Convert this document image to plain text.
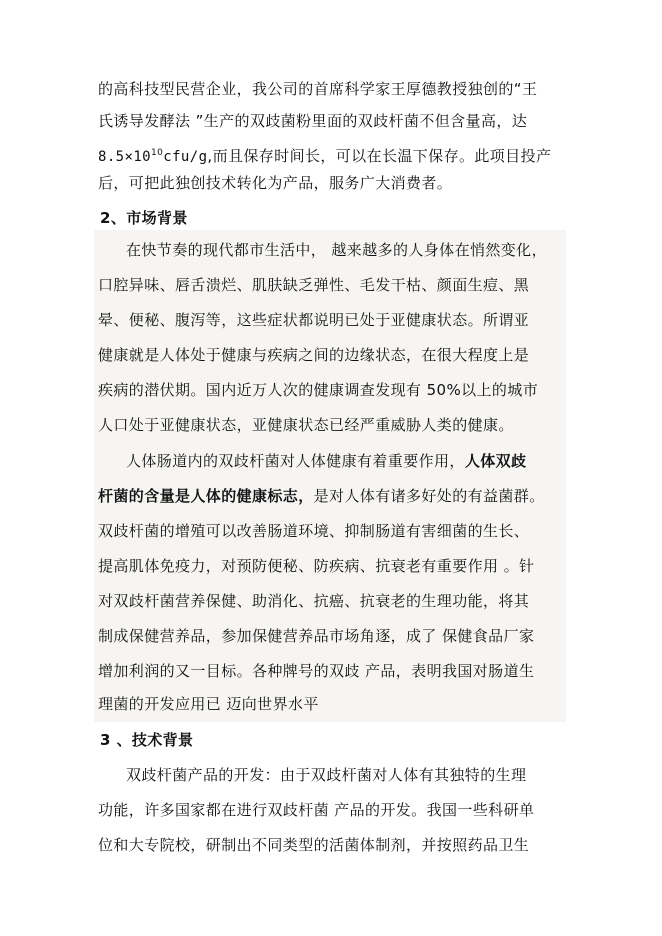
的高科技型民营企业，我公司的首席科学家王厚德教授独创的“王
氏诱导发酵法 ”生产的双歧菌粉里面的双歧杆菌不但含量高，达
$8.5\times 10^{10}cfu/g$,而且保存时间长，可以在长温下保存。此项目投产
后，可把此独创技术转化为产品，服务广大消费者。
2、市场背景
在快节奏的现代都市生活中， 越来越多的人身体在悄然变化，
口腔异味、唇舌溃烂、肌肤缺乏弹性、毛发干枯、颜面生痘、黑
晕、便秘、腹泻等，这些症状都说明已处于亚健康状态。所谓亚
健康就是人体处于健康与疾病之间的边缘状态，在很大程度上是
疾病的潜伏期。国内近万人次的健康调查发现有 50%以上的城市
人口处于亚健康状态，亚健康状态已经严重威胁人类的健康。
人体肠道内的双歧杆菌对人体健康有着重要作用，人体双歧
杆菌的含量是人体的健康标志，是对人体有诸多好处的有益菌群。
双歧杆菌的增殖可以改善肠道环境、抑制肠道有害细菌的生长、
提高肌体免疫力，对预防便秘、防疾病、抗衰老有重要作用 。针
对双歧杆菌营养保健、助消化、抗癌、抗衰老的生理功能，将其
制成保健营养品，参加保健营养品市场角逐，成了 保健食品厂家
增加利润的又一目标。各种牌号的双歧 产品，表明我国对肠道生
理菌的开发应用已 迈向世界水平
3 、技术背景
双歧杆菌产品的开发：由于双歧杆菌对人体有其独特的生理
功能，许多国家都在进行双歧杆菌 产品的开发。我国一些科研单
位和大专院校，研制出不同类型的活菌体制剂，并按照药品卫生
